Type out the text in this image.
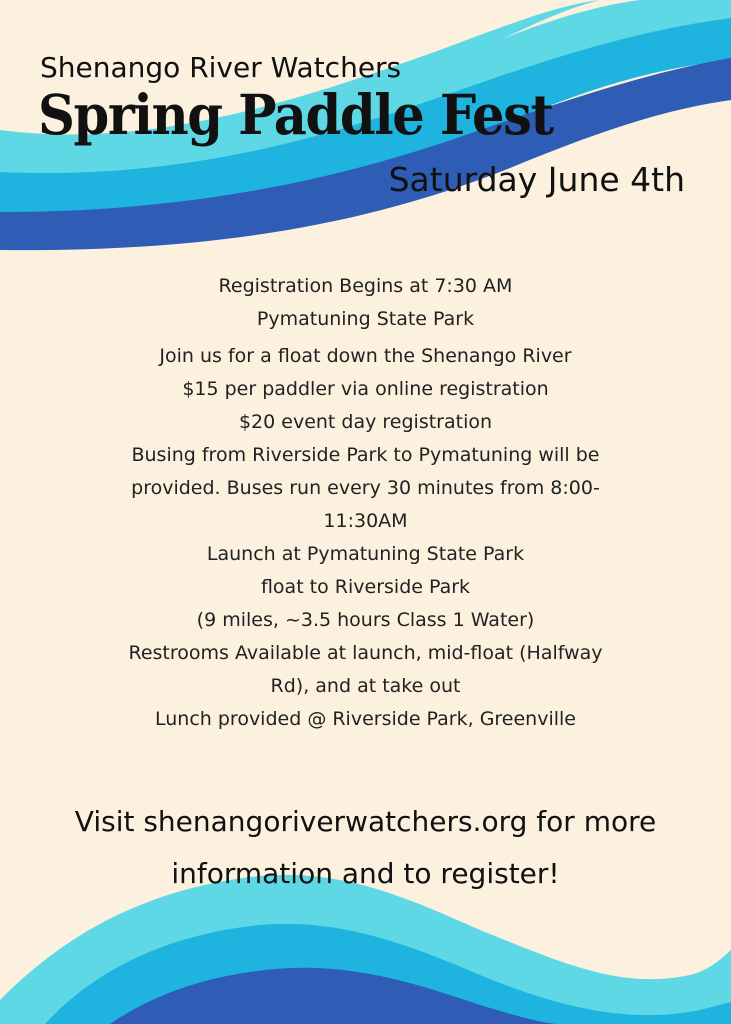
Shenango River Watchers
Spring Paddle Fest
Saturday June 4th
Registration Begins at 7:30 AM
Pymatuning State Park
Join us for a float down the Shenango River
$15 per paddler via online registration
$20 event day registration
Busing from Riverside Park to Pymatuning will be
provided. Buses run every 30 minutes from 8:00-
11:30AM
Launch at Pymatuning State Park
float to Riverside Park
(9 miles, ~3.5 hours Class 1 Water)
Restrooms Available at launch, mid-float (Halfway
Rd), and at take out
Lunch provided @ Riverside Park, Greenville
Visit shenangoriverwatchers.org for more
information and to register!
